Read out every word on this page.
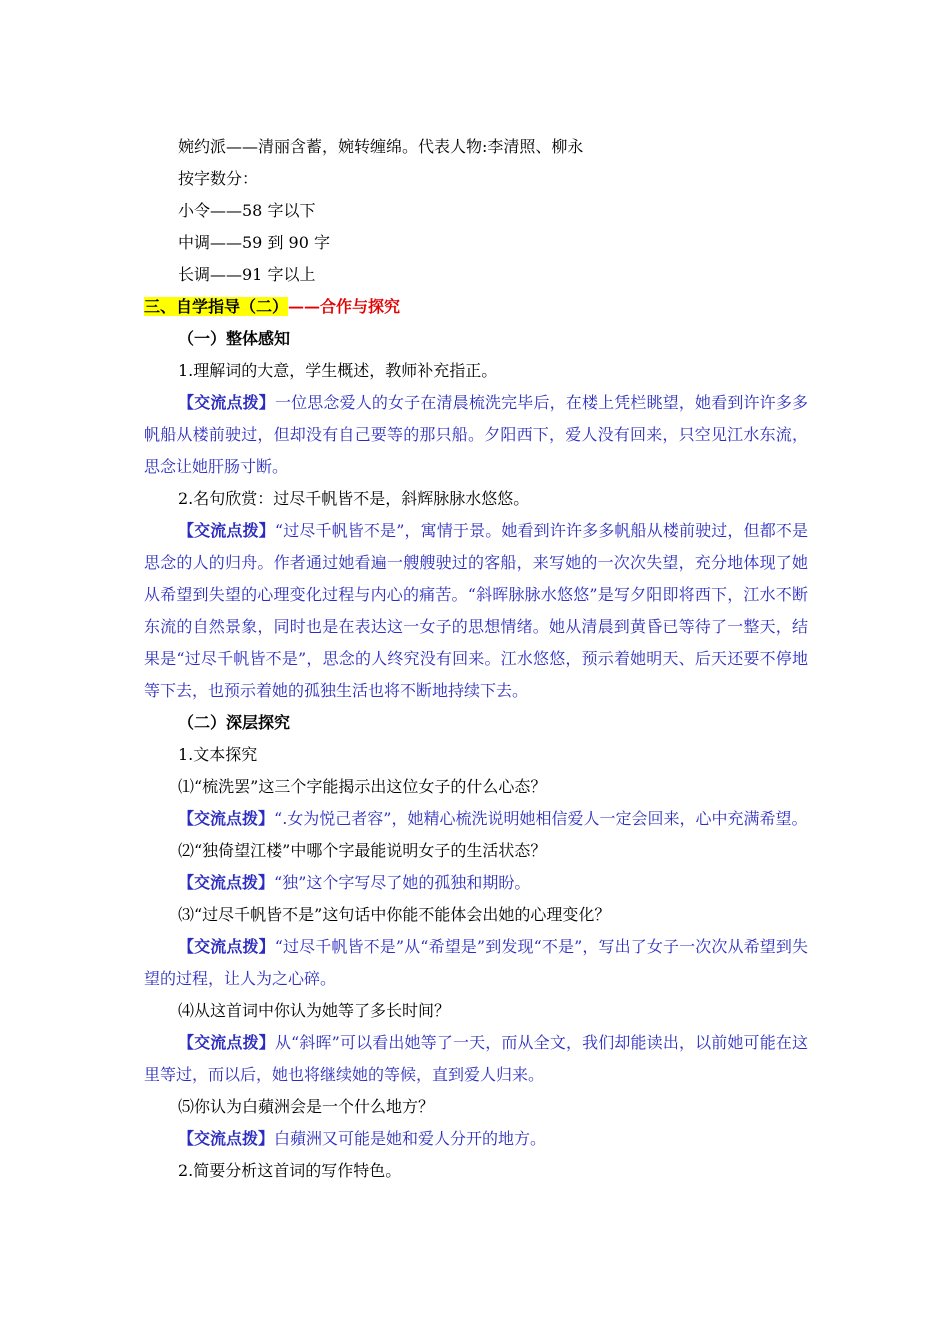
婉约派——清丽含蓄，婉转缠绵。代表人物:李清照、柳永
按字数分：
小令——58 字以下
中调——59 到 90 字
长调——91 字以上
三、自学指导（二）——合作与探究
（一）整体感知
1.理解词的大意，学生概述，教师补充指正。
【交流点拨】一位思念爱人的女子在清晨梳洗完毕后，在楼上凭栏眺望，她看到许许多多帆船从楼前驶过，但却没有自己要等的那只船。夕阳西下，爱人没有回来，只空见江水东流，思念让她肝肠寸断。
2.名句欣赏：过尽千帆皆不是，斜辉脉脉水悠悠。
【交流点拨】“过尽千帆皆不是”，寓情于景。她看到许许多多帆船从楼前驶过，但都不是思念的人的归舟。作者通过她看遍一艘艘驶过的客船，来写她的一次次失望，充分地体现了她从希望到失望的心理变化过程与内心的痛苦。“斜晖脉脉水悠悠”是写夕阳即将西下，江水不断东流的自然景象，同时也是在表达这一女子的思想情绪。她从清晨到黄昏已等待了一整天，结果是“过尽千帆皆不是”，思念的人终究没有回来。江水悠悠，预示着她明天、后天还要不停地等下去，也预示着她的孤独生活也将不断地持续下去。
（二）深层探究
1.文本探究
⑴“梳洗罢”这三个字能揭示出这位女子的什么心态？
【交流点拨】“.女为悦己者容”，她精心梳洗说明她相信爱人一定会回来，心中充满希望。
⑵“独倚望江楼”中哪个字最能说明女子的生活状态？
【交流点拨】“独”这个字写尽了她的孤独和期盼。
⑶“过尽千帆皆不是”这句话中你能不能体会出她的心理变化？
【交流点拨】“过尽千帆皆不是”从“希望是”到发现“不是”，写出了女子一次次从希望到失望的过程，让人为之心碎。
⑷从这首词中你认为她等了多长时间？
【交流点拨】从“斜晖”可以看出她等了一天，而从全文，我们却能读出，以前她可能在这里等过，而以后，她也将继续她的等候，直到爱人归来。
⑸你认为白蘋洲会是一个什么地方？
【交流点拨】白蘋洲又可能是她和爱人分开的地方。
2.简要分析这首词的写作特色。
